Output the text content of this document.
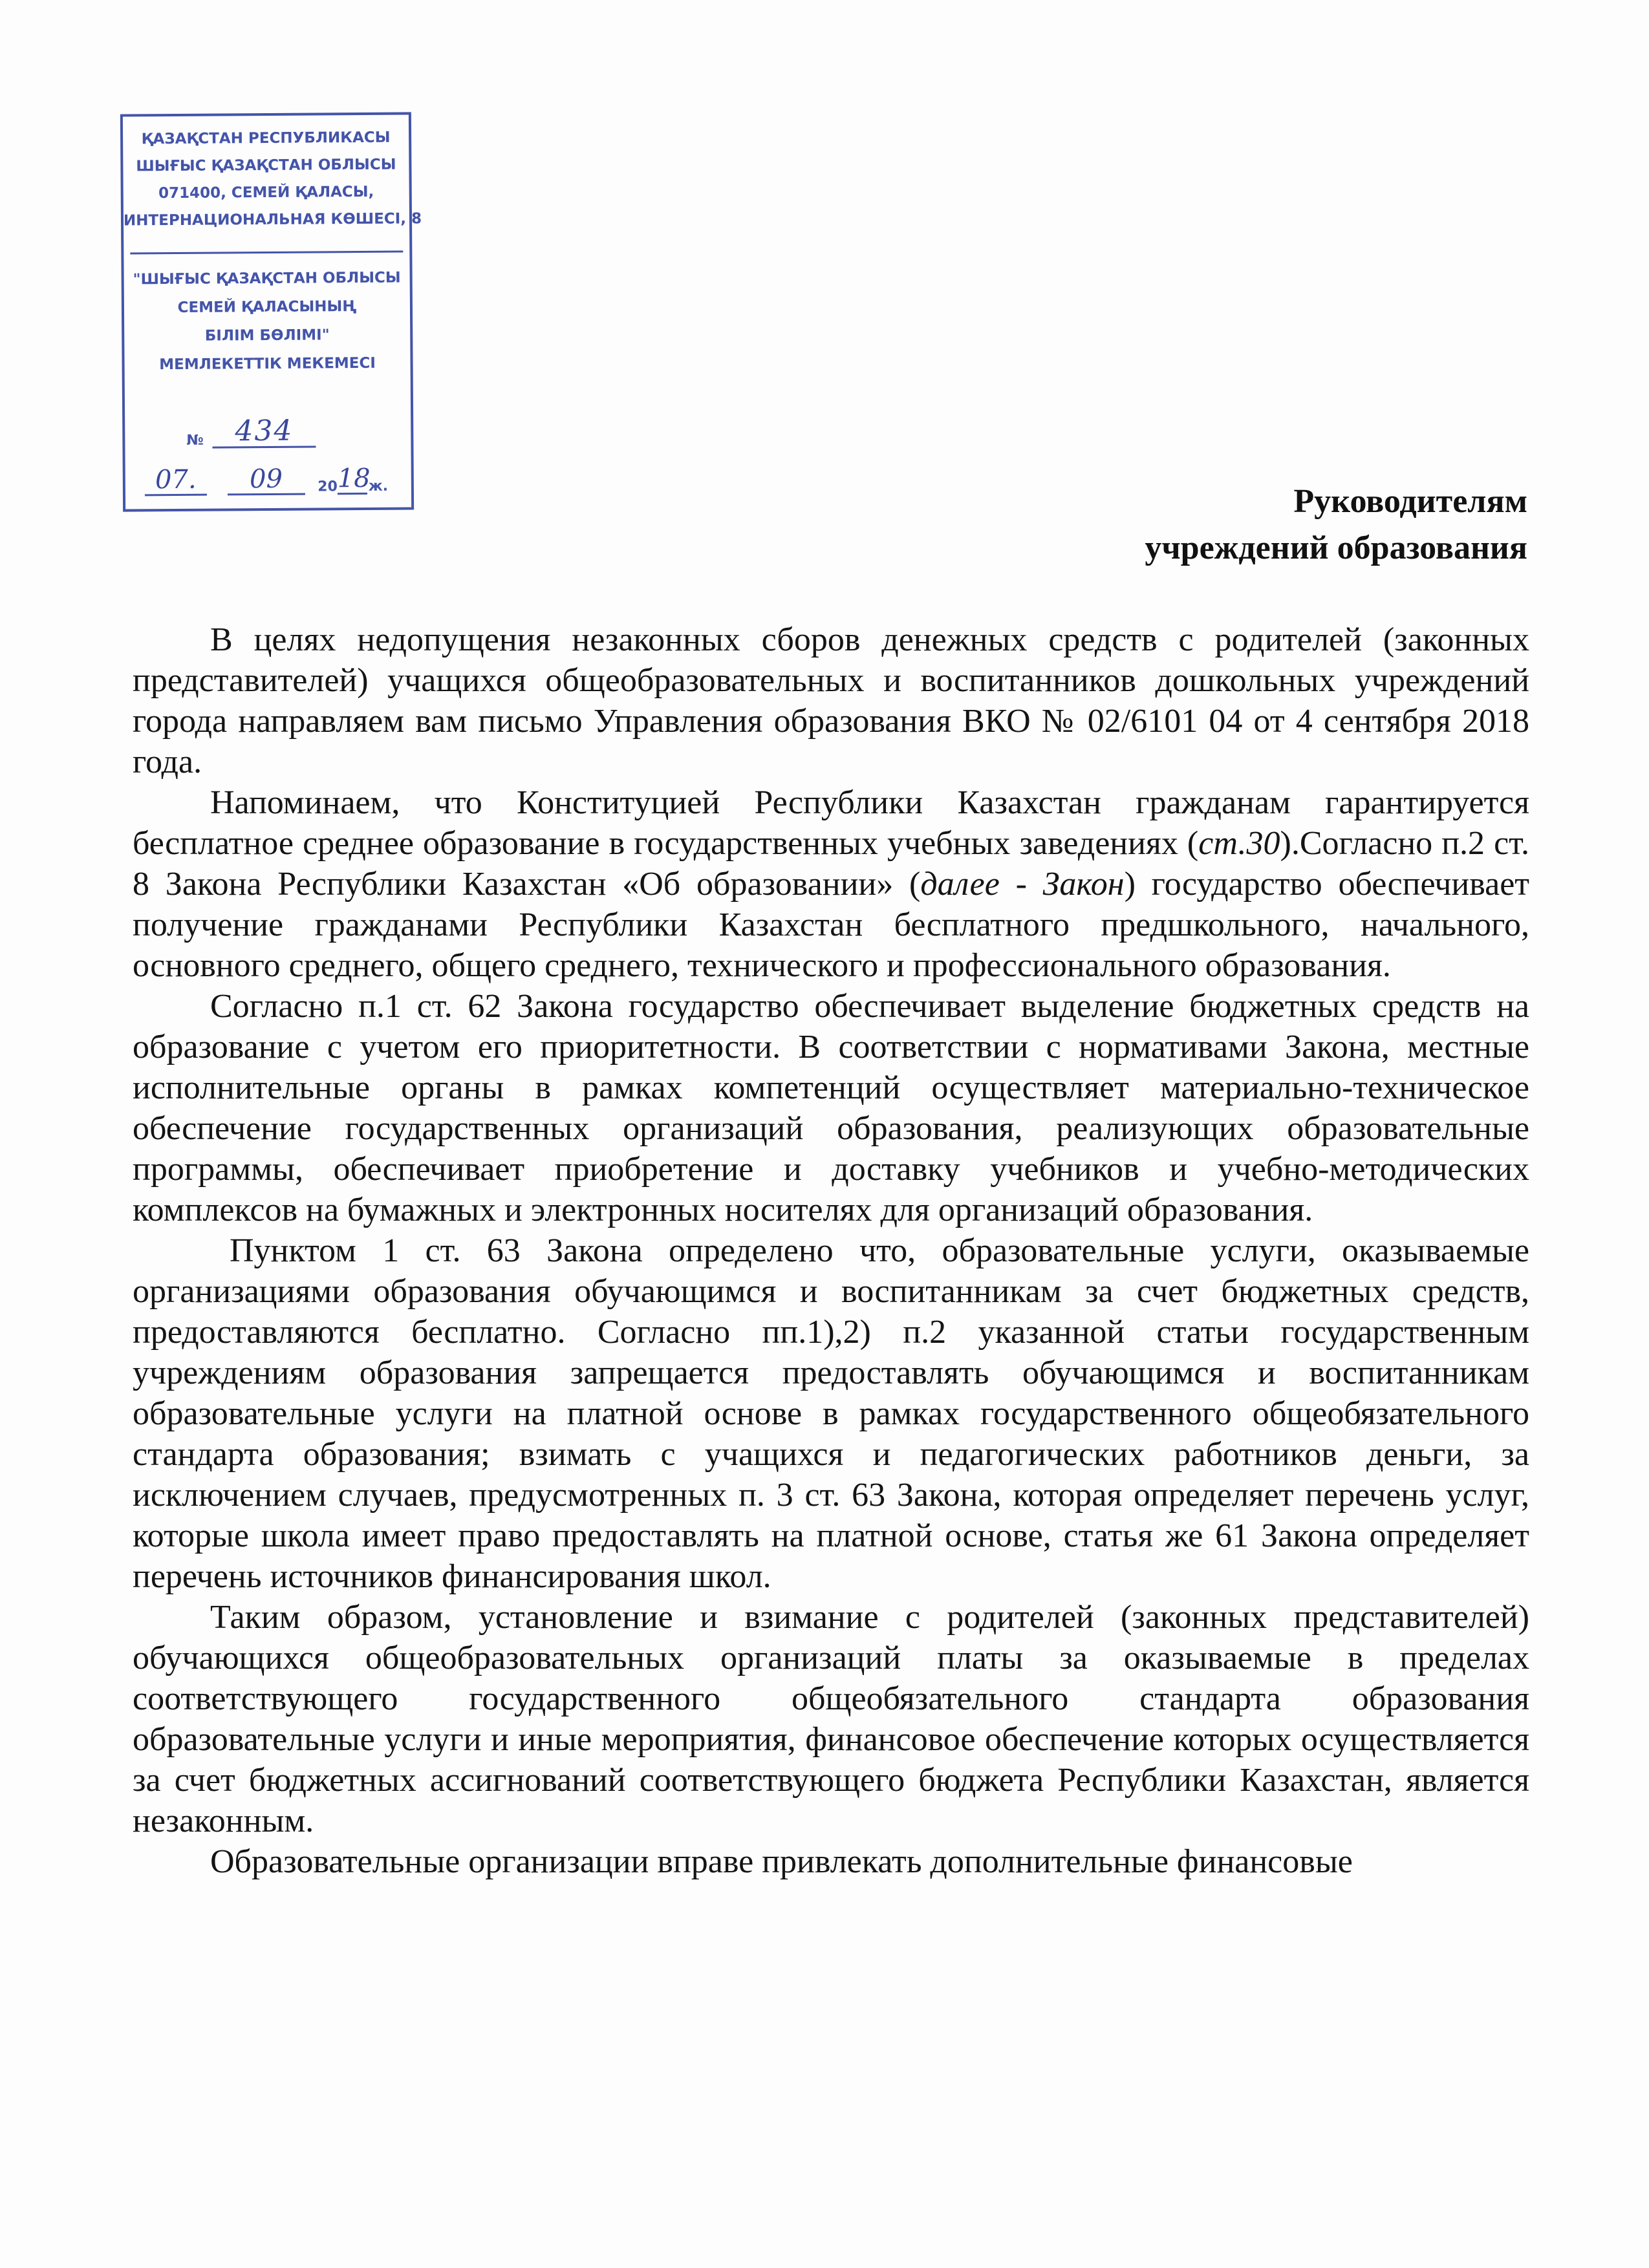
ҚАЗАҚСТАН РЕСПУБЛИКАСЫ
ШЫҒЫС ҚАЗАҚСТАН ОБЛЫСЫ
071400, СЕМЕЙ ҚАЛАСЫ,
ИНТЕРНАЦИОНАЛЬНАЯ КӨШЕСІ, 8
"ШЫҒЫС ҚАЗАҚСТАН ОБЛЫСЫ
СЕМЕЙ ҚАЛАСЫНЫҢ
БІЛІМ БӨЛІМІ"
МЕМЛЕКЕТТІК МЕКЕМЕСІ
№ 434
07. 09 2018ж.	Руководителям
учреждений образования

В целях недопущения незаконных сборов денежных средств с родителей (законных представителей) учащихся общеобразовательных и воспитанников дошкольных учреждений города направляем вам письмо Управления образования ВКО № 02/6101 04 от 4 сентября 2018 года.

Напоминаем, что Конституцией Республики Казахстан гражданам гарантируется бесплатное среднее образование в государственных учебных заведениях (ст.30).Согласно п.2 ст. 8 Закона Республики Казахстан «Об образовании» (далее - Закон) государство обеспечивает получение гражданами Республики Казахстан бесплатного предшкольного, начального, основного среднего, общего среднего, технического и профессионального образования.

Согласно п.1 ст. 62 Закона государство обеспечивает выделение бюджетных средств на образование с учетом его приоритетности. В соответствии с нормативами Закона, местные исполнительные органы в рамках компетенций осуществляет материально-техническое обеспечение государственных организаций образования, реализующих образовательные программы, обеспечивает приобретение и доставку учебников и учебно-методических комплексов на бумажных и электронных носителях для организаций образования.

Пунктом 1 ст. 63 Закона определено что, образовательные услуги, оказываемые организациями образования обучающимся и воспитанникам за счет бюджетных средств, предоставляются бесплатно. Согласно пп.1),2) п.2 указанной статьи государственным учреждениям образования запрещается предоставлять обучающимся и воспитанникам образовательные услуги на платной основе в рамках государственного общеобязательного стандарта образования; взимать с учащихся и педагогических работников деньги, за исключением случаев, предусмотренных п. 3 ст. 63 Закона, которая определяет перечень услуг, которые школа имеет право предоставлять на платной основе, статья же 61 Закона определяет перечень источников финансирования школ.

Таким образом, установление и взимание с родителей (законных представителей) обучающихся общеобразовательных организаций платы за оказываемые в пределах соответствующего государственного общеобязательного стандарта образования образовательные услуги и иные мероприятия, финансовое обеспечение которых осуществляется за счет бюджетных ассигнований соответствующего бюджета Республики Казахстан, является незаконным.

Образовательные организации вправе привлекать дополнительные финансовые
